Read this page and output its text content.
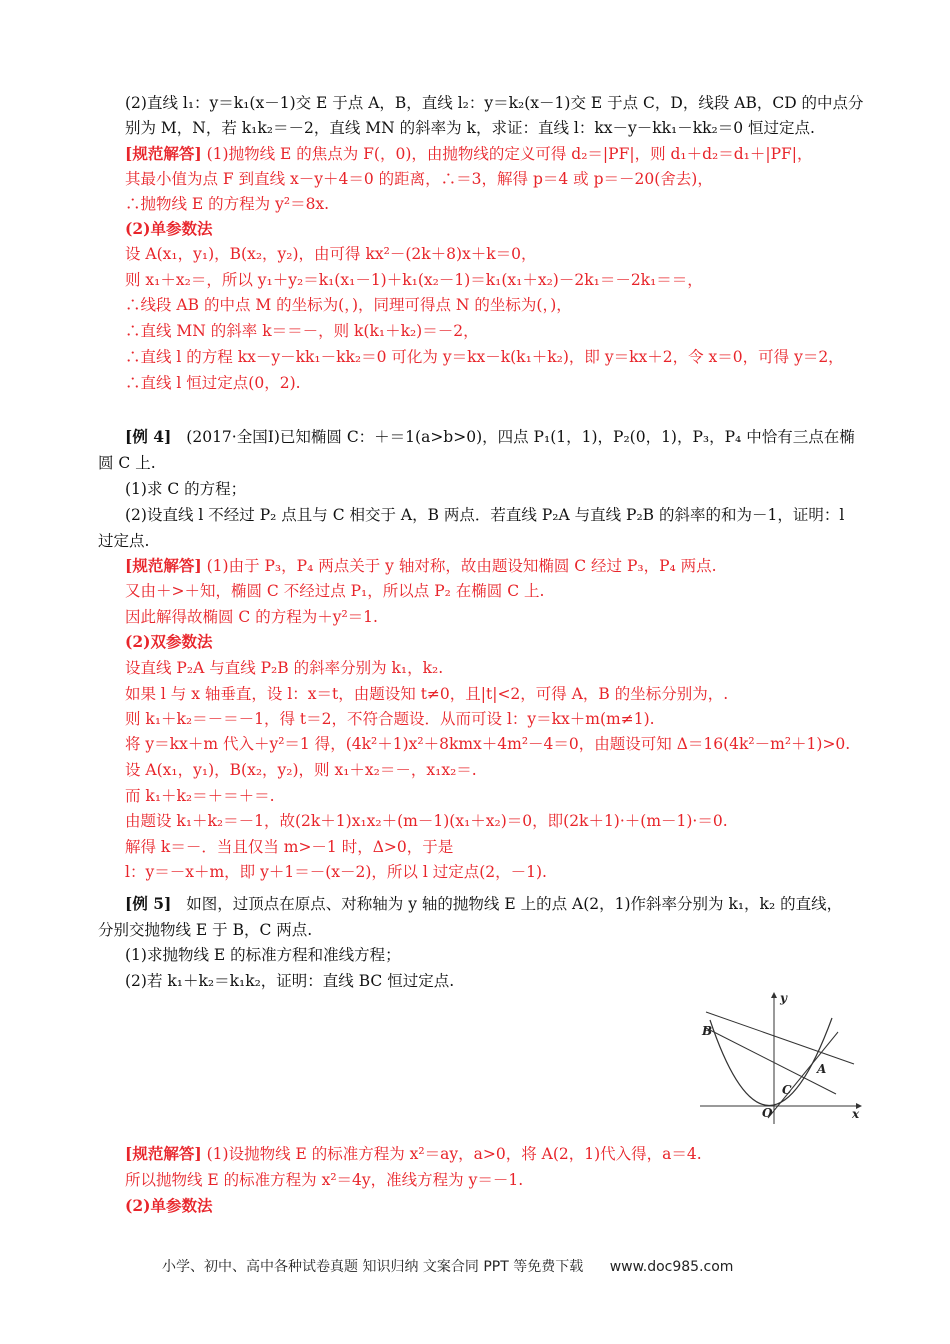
(2)直线 l₁：y＝k₁(x－1)交 E 于点 A，B，直线 l₂：y＝k₂(x－1)交 E 于点 C，D，线段 AB，CD 的中点分
别为 M，N，若 k₁k₂＝－2，直线 MN 的斜率为 k，求证：直线 l：kx－y－kk₁－kk₂＝0 恒过定点.
[规范解答] (1)抛物线 E 的焦点为 F(，0)，由抛物线的定义可得 d₂＝|PF|，则 d₁＋d₂＝d₁＋|PF|，
其最小值为点 F 到直线 x－y＋4＝0 的距离，∴＝3，解得 p＝4 或 p＝－20(舍去)，
∴抛物线 E 的方程为 y²＝8x.
(2)单参数法
设 A(x₁，y₁)，B(x₂，y₂)，由可得 kx²－(2k＋8)x＋k＝0，
则 x₁＋x₂＝，所以 y₁＋y₂＝k₁(x₁－1)＋k₁(x₂－1)＝k₁(x₁＋x₂)－2k₁＝－2k₁＝＝，
∴线段 AB 的中点 M 的坐标为(，)，同理可得点 N 的坐标为(，)，
∴直线 MN 的斜率 k＝＝－，则 k(k₁＋k₂)＝－2，
∴直线 l 的方程 kx－y－kk₁－kk₂＝0 可化为 y＝kx－k(k₁＋k₂)，即 y＝kx＋2，令 x＝0，可得 y＝2，
∴直线 l 恒过定点(0，2).
[例 4] (2017·全国Ⅰ)已知椭圆 C：＋＝1(a>b>0)，四点 P₁(1，1)，P₂(0，1)，P₃，P₄ 中恰有三点在椭
圆 C 上.
(1)求 C 的方程；
(2)设直线 l 不经过 P₂ 点且与 C 相交于 A，B 两点．若直线 P₂A 与直线 P₂B 的斜率的和为－1，证明：l
过定点.
[规范解答] (1)由于 P₃，P₄ 两点关于 y 轴对称，故由题设知椭圆 C 经过 P₃，P₄ 两点.
又由＋>＋知，椭圆 C 不经过点 P₁，所以点 P₂ 在椭圆 C 上.
因此解得故椭圆 C 的方程为＋y²＝1.
(2)双参数法
设直线 P₂A 与直线 P₂B 的斜率分别为 k₁，k₂.
如果 l 与 x 轴垂直，设 l：x＝t，由题设知 t≠0，且|t|<2，可得 A，B 的坐标分别为，.
则 k₁＋k₂＝－＝－1，得 t＝2，不符合题设．从而可设 l：y＝kx＋m(m≠1).
将 y＝kx＋m 代入＋y²＝1 得，(4k²＋1)x²＋8kmx＋4m²－4＝0，由题设可知 Δ＝16(4k²－m²＋1)>0.
设 A(x₁，y₁)，B(x₂，y₂)，则 x₁＋x₂＝－，x₁x₂＝.
而 k₁＋k₂＝＋＝＋＝.
由题设 k₁＋k₂＝－1，故(2k＋1)x₁x₂＋(m－1)(x₁＋x₂)＝0，即(2k＋1)·＋(m－1)·＝0.
解得 k＝－．当且仅当 m>－1 时，Δ>0，于是
l：y＝－x＋m，即 y＋1＝－(x－2)，所以 l 过定点(2，－1).
[例 5] 如图，过顶点在原点、对称轴为 y 轴的抛物线 E 上的点 A(2，1)作斜率分别为 k₁，k₂ 的直线，
分别交抛物线 E 于 B，C 两点.
(1)求抛物线 E 的标准方程和准线方程；
(2)若 k₁＋k₂＝k₁k₂，证明：直线 BC 恒过定点.
y
x
B
A
C
O
[规范解答] (1)设抛物线 E 的标准方程为 x²＝ay，a>0，将 A(2，1)代入得，a＝4.
所以抛物线 E 的标准方程为 x²＝4y，准线方程为 y＝－1.
(2)单参数法
小学、初中、高中各种试卷真题 知识归纳 文案合同 PPT 等免费下载 www.doc985.com
